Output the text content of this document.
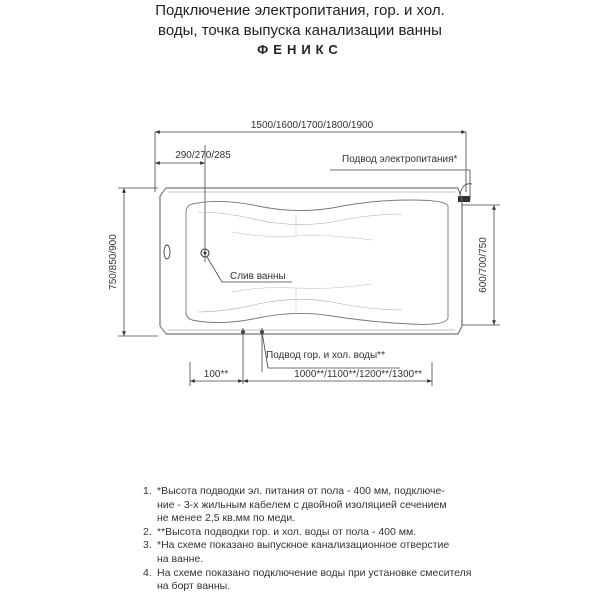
Подключение электропитания, гор. и хол.
воды, точка выпуска канализации ванны
ФЕНИКС
1500/1600/1700/1800/1900
290/270/285	Подвод электропитания*
750/850/900	600/700/750
Слив ванны
Подвод гор. и хол. воды**
100**	1000**/1100**/1200**/1300**
1. *Высота подводки эл. питания от пола - 400 мм, подключе-
ние - 3-х жильным кабелем с двойной изоляцией сечением
не менее 2,5 кв.мм по меди.
2. **Высота подводки гор. и хол. воды от пола - 400 мм.
3. *На схеме показано выпускное канализационное отверстие
на ванне.
4. На схеме показано подключение воды при установке смесителя
на борт ванны.
